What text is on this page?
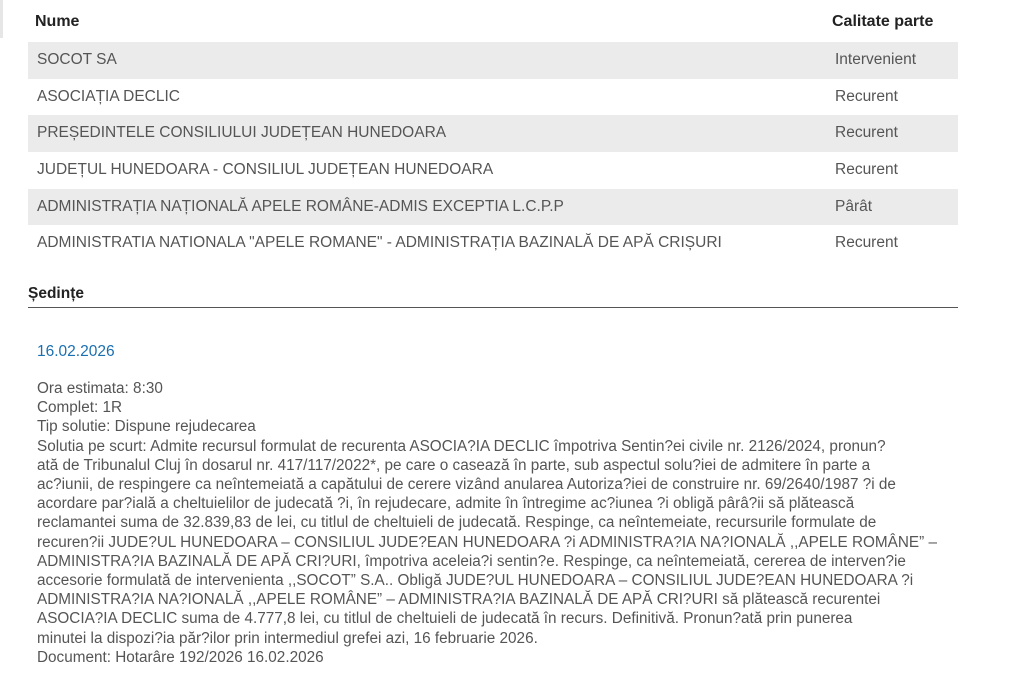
Nume	Calitate parte
SOCOT SA	Intervenient
ASOCIAȚIA DECLIC	Recurent
PREȘEDINTELE CONSILIULUI JUDEȚEAN HUNEDOARA	Recurent
JUDEȚUL HUNEDOARA - CONSILIUL JUDEȚEAN HUNEDOARA	Recurent
ADMINISTRAȚIA NAȚIONALĂ APELE ROMÂNE-ADMIS EXCEPTIA L.C.P.P	Pârât
ADMINISTRATIA NATIONALA "APELE ROMANE" - ADMINISTRAȚIA BAZINALĂ DE APĂ CRIȘURI	Recurent
Ședințe
16.02.2026
Ora estimata: 8:30
Complet: 1R
Tip solutie: Dispune rejudecarea
Solutia pe scurt: Admite recursul formulat de recurenta ASOCIA?IA DECLIC împotriva Sentin?ei civile nr. 2126/2024, pronun?
ată de Tribunalul Cluj în dosarul nr. 417/117/2022*, pe care o casează în parte, sub aspectul solu?iei de admitere în parte a
ac?iunii, de respingere ca neîntemeiată a capătului de cerere vizând anularea Autoriza?iei de construire nr. 69/2640/1987 ?i de
acordare par?ială a cheltuielilor de judecată ?i, în rejudecare, admite în întregime ac?iunea ?i obligă pârâ?ii să plătească
reclamantei suma de 32.839,83 de lei, cu titlul de cheltuieli de judecată. Respinge, ca neîntemeiate, recursurile formulate de
recuren?ii JUDE?UL HUNEDOARA – CONSILIUL JUDE?EAN HUNEDOARA ?i ADMINISTRA?IA NA?IONALĂ ,,APELE ROMÂNE” –
ADMINISTRA?IA BAZINALĂ DE APĂ CRI?URI, împotriva aceleia?i sentin?e. Respinge, ca neîntemeiată, cererea de interven?ie
accesorie formulată de intervenienta ,,SOCOT” S.A.. Obligă JUDE?UL HUNEDOARA – CONSILIUL JUDE?EAN HUNEDOARA ?i
ADMINISTRA?IA NA?IONALĂ ,,APELE ROMÂNE” – ADMINISTRA?IA BAZINALĂ DE APĂ CRI?URI să plătească recurentei
ASOCIA?IA DECLIC suma de 4.777,8 lei, cu titlul de cheltuieli de judecată în recurs. Definitivă. Pronun?ată prin punerea
minutei la dispozi?ia păr?ilor prin intermediul grefei azi, 16 februarie 2026.
Document: Hotarâre 192/2026 16.02.2026
